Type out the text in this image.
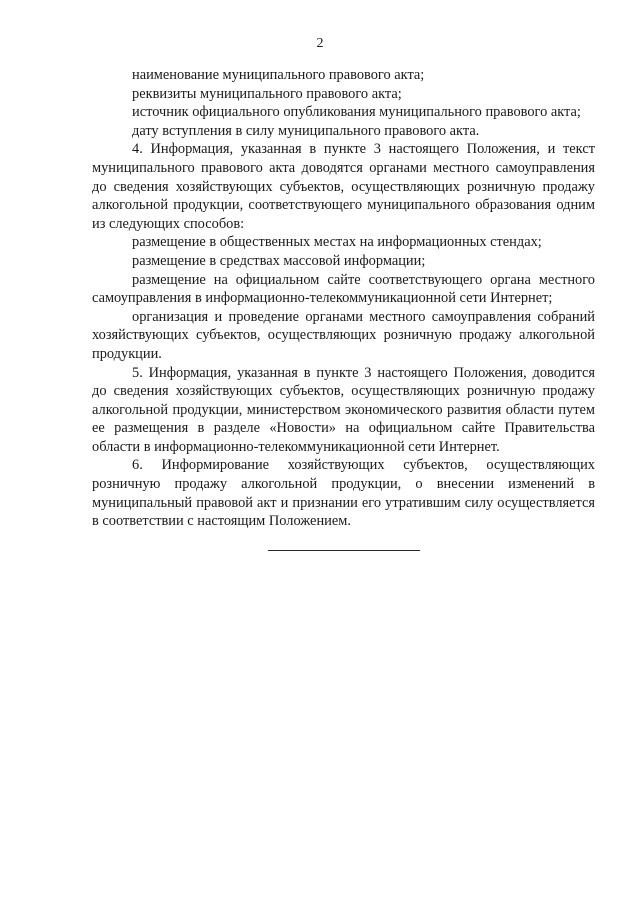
2

наименование муниципального правового акта;

реквизиты муниципального правового акта;

источник официального опубликования муниципального правового акта;

дату вступления в силу муниципального правового акта.

4. Информация, указанная в пункте 3 настоящего Положения, и текст муниципального правового акта доводятся органами местного самоуправления до сведения хозяйствующих субъектов, осуществляющих розничную продажу алкогольной продукции, соответствующего муниципального образования одним из следующих способов:

размещение в общественных местах на информационных стендах;

размещение в средствах массовой информации;

размещение на официальном сайте соответствующего органа местного самоуправления в информационно-телекоммуникационной сети Интернет;

организация и проведение органами местного самоуправления собраний хозяйствующих субъектов, осуществляющих розничную продажу алкогольной продукции.

5. Информация, указанная в пункте 3 настоящего Положения, доводится до сведения хозяйствующих субъектов, осуществляющих розничную продажу алкогольной продукции, министерством экономического развития области путем ее размещения в разделе «Новости» на официальном сайте Правительства области в информационно-телекоммуникационной сети Интернет.

6. Информирование хозяйствующих субъектов, осуществляющих розничную продажу алкогольной продукции, о внесении изменений в муниципальный правовой акт и признании его утратившим силу осуществляется в соответствии с настоящим Положением.
